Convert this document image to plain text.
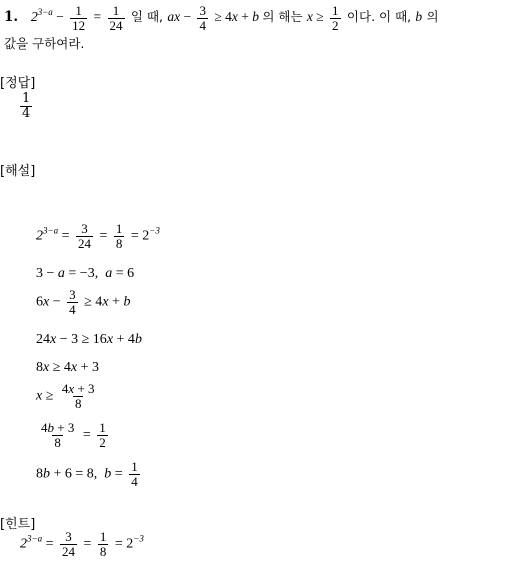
1. $2^{3-a} - \frac{1}{12} = \frac{1}{24}$ 일 때, ax − $\frac{3}{4} \ge 4x + b$ 의 해는 $x \ge \frac{1}{2}$ 이다. 이 때, b 의
값을 구하여라.
[정답]
$\frac{1}{4}$
[해설]
$2^{3-a} = \frac{3}{24} = \frac{1}{8} = 2^{-3}$
3 − a = −3,  a = 6
$6x - \frac{3}{4} \ge 4x + b$
24x − 3 ≥ 16x + 4b
8x ≥ 4x + 3
$x \ge \frac{4x + 3}{8}$
$\frac{4b + 3}{8} = \frac{1}{2}$
8b + 6 = 8,  $b = \frac{1}{4}$
[힌트]
$2^{3-a} = \frac{3}{24} = \frac{1}{8} = 2^{-3}$
